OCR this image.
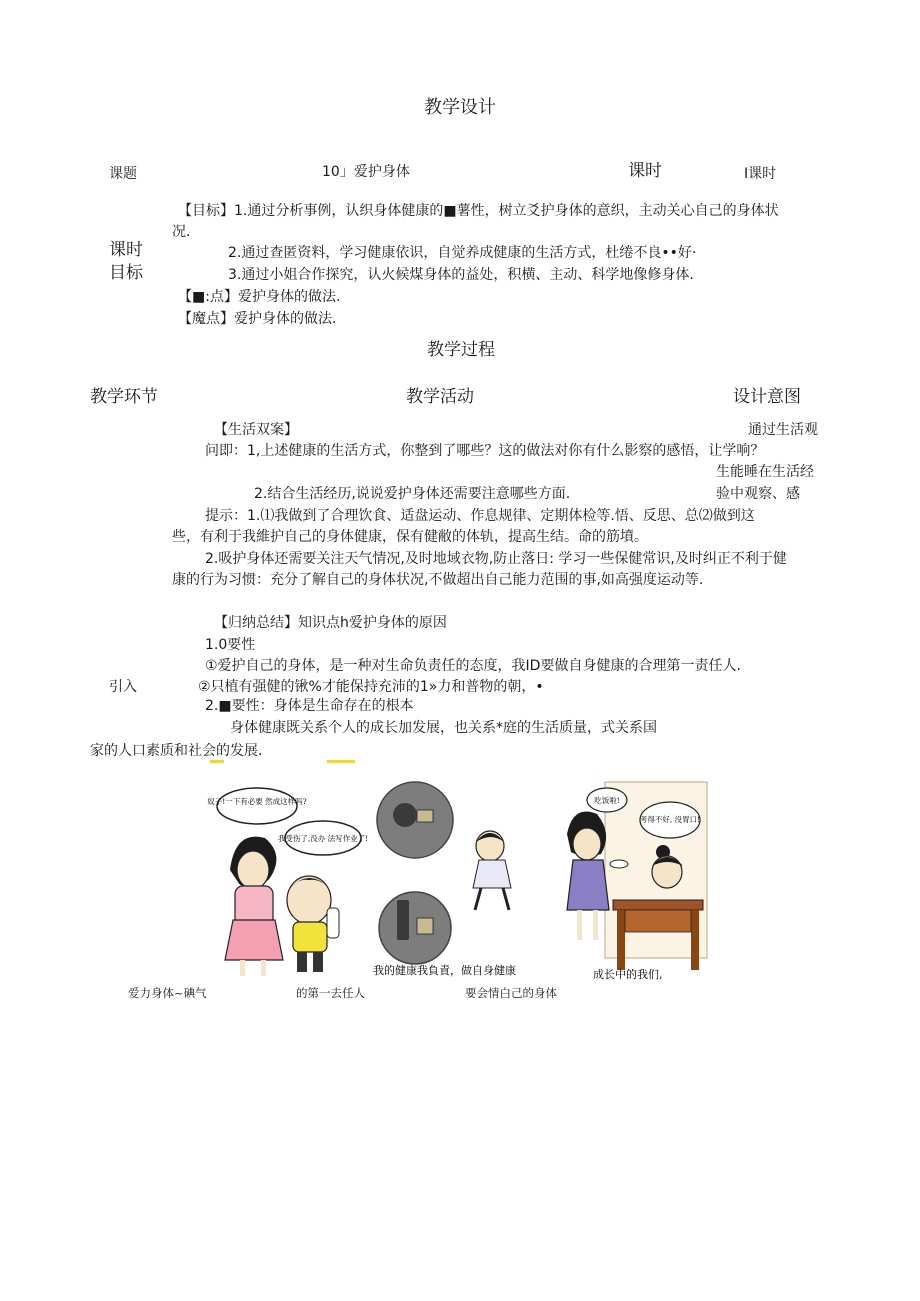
教学设计
课题	10」爱护身体	课时	I课时
课时
目标
【目标】1.通过分析事例，认织身体健康的■薯性，树立爻护身体的意织，主动关心自己的身体状
况.
2.通过查匿资料，学习健康依识，自觉养成健康的生活方式，杜绻不良••好·
3.通过小姐合作探究，认火候煤身体的益处，积横、主动、科学地像修身体.
【■:点】爱护身体的做法.
【魔点】爱护身体的做法.
教学过程
教学环节	教学活动	设计意图
【生活双案】	通过生活观
问即：1,上述健康的生活方式，你整到了哪些？这的做法对你有什么影察的感悟，让学响？
生能睡在生活经
2.结合生活经历,说说爱护身体还需要注意哪些方面.	验中观察、感
提示：1.⑴我做到了合理饮食、适盘运动、作息规律、定期体检等.悟、反思、总⑵做到这
些，有利于我維护自己的身体健康，保有健敝的体轨，提高生结。命的筋墳。
2.吸护身体还需要关注天气情况,及时地域衣物,防止落日: 学习一些保健常识,及时纠正不利于健
康的行为习惯：充分了解自己的身体状况,不做超出自己能力范围的事,如高强度运动等.
【归纳总结】知识点h爱护身体的原因
1.0要性
①爱护自己的身体，是一种对生命负责任的态度，我ID要做自身健康的合理第一责任人.
引入	②只植有强健的锹%才能保持充沛的1»力和普物的朝，•
2.■要性：身体是生命存在的根本
身体健康既关系个人的成长加发展，也关系*庭的生活质量，式关系国
家的人口素质和社会的发展.
奴子!一下有必要 然成这样吗?
我受伤了,没办 法写作业了!
吃饭啦!
考得不好, 没胃口!
我的健康我負責，做自身健康	成长中的我们,
爱力身体~碘气	的第一去任人	要会情白己的身体
